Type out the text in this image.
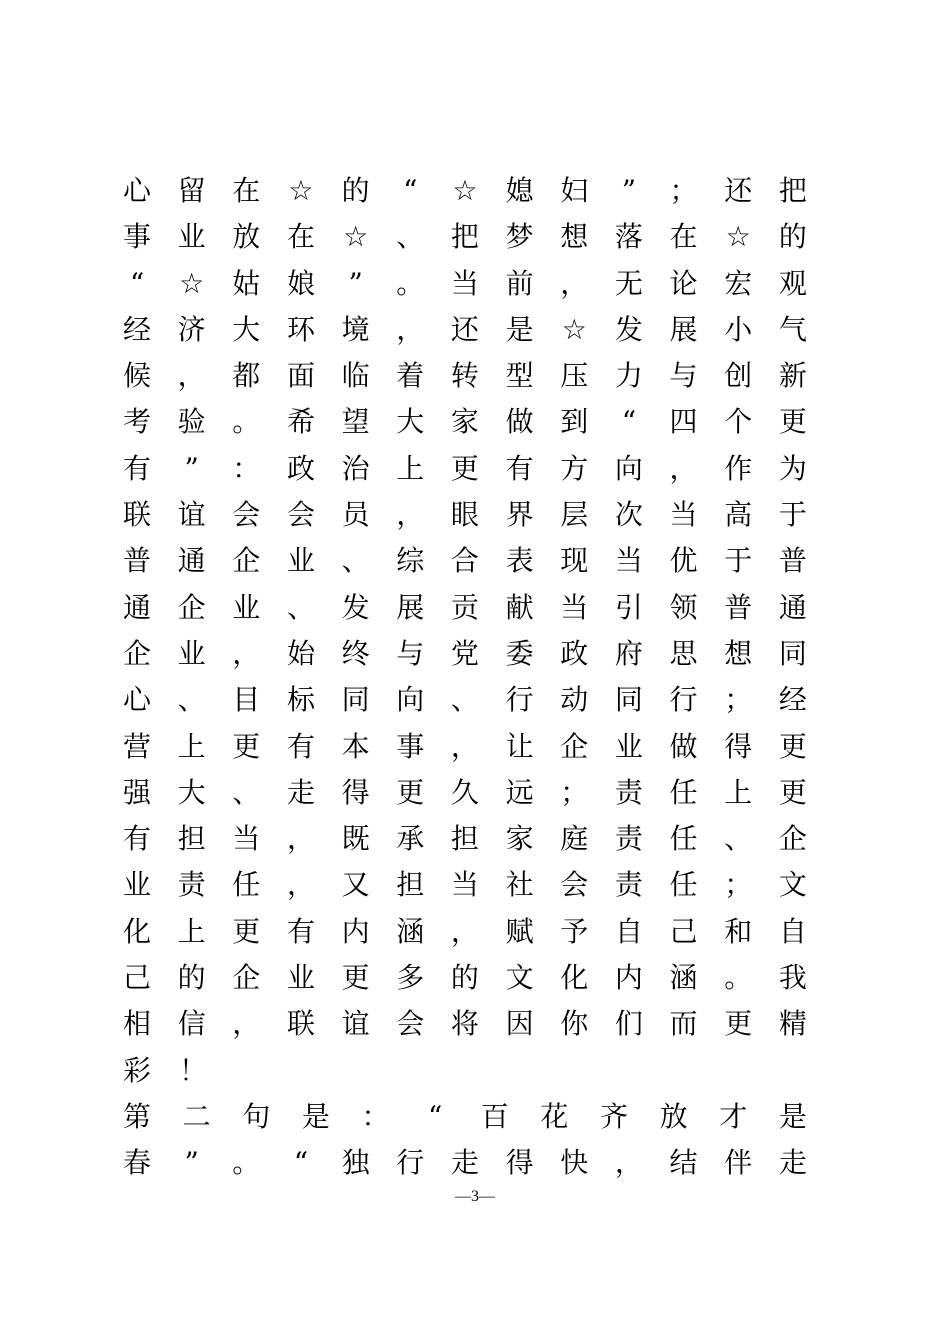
心 留 在 ☆ 的 “ ☆ 媳 妇 ” ； 还 把
事 业 放 在 ☆ 、 把 梦 想 落 在 ☆ 的
“ ☆ 姑 娘 ” 。 当 前 ， 无 论 宏 观
经 济 大 环 境 ， 还 是 ☆ 发 展 小 气
候 ， 都 面 临 着 转 型 压 力 与 创 新
考 验 。 希 望 大 家 做 到 “ 四 个 更
有 ” ： 政 治 上 更 有 方 向 ， 作 为
联 谊 会 会 员 ， 眼 界 层 次 当 高 于
普 通 企 业 、 综 合 表 现 当 优 于 普
通 企 业 、 发 展 贡 献 当 引 领 普 通
企 业 ， 始 终 与 党 委 政 府 思 想 同
心 、 目 标 同 向 、 行 动 同 行 ； 经
营 上 更 有 本 事 ， 让 企 业 做 得 更
强 大 、 走 得 更 久 远 ； 责 任 上 更
有 担 当 ， 既 承 担 家 庭 责 任 、 企
业 责 任 ， 又 担 当 社 会 责 任 ； 文
化 上 更 有 内 涵 ， 赋 予 自 己 和 自
己 的 企 业 更 多 的 文 化 内 涵 。 我
相 信 ， 联 谊 会 将 因 你 们 而 更 精
彩 ！
第 二 句 是 ： “ 百 花 齐 放 才 是
春 ” 。 “ 独 行 走 得 快 ， 结 伴 走
—3—
